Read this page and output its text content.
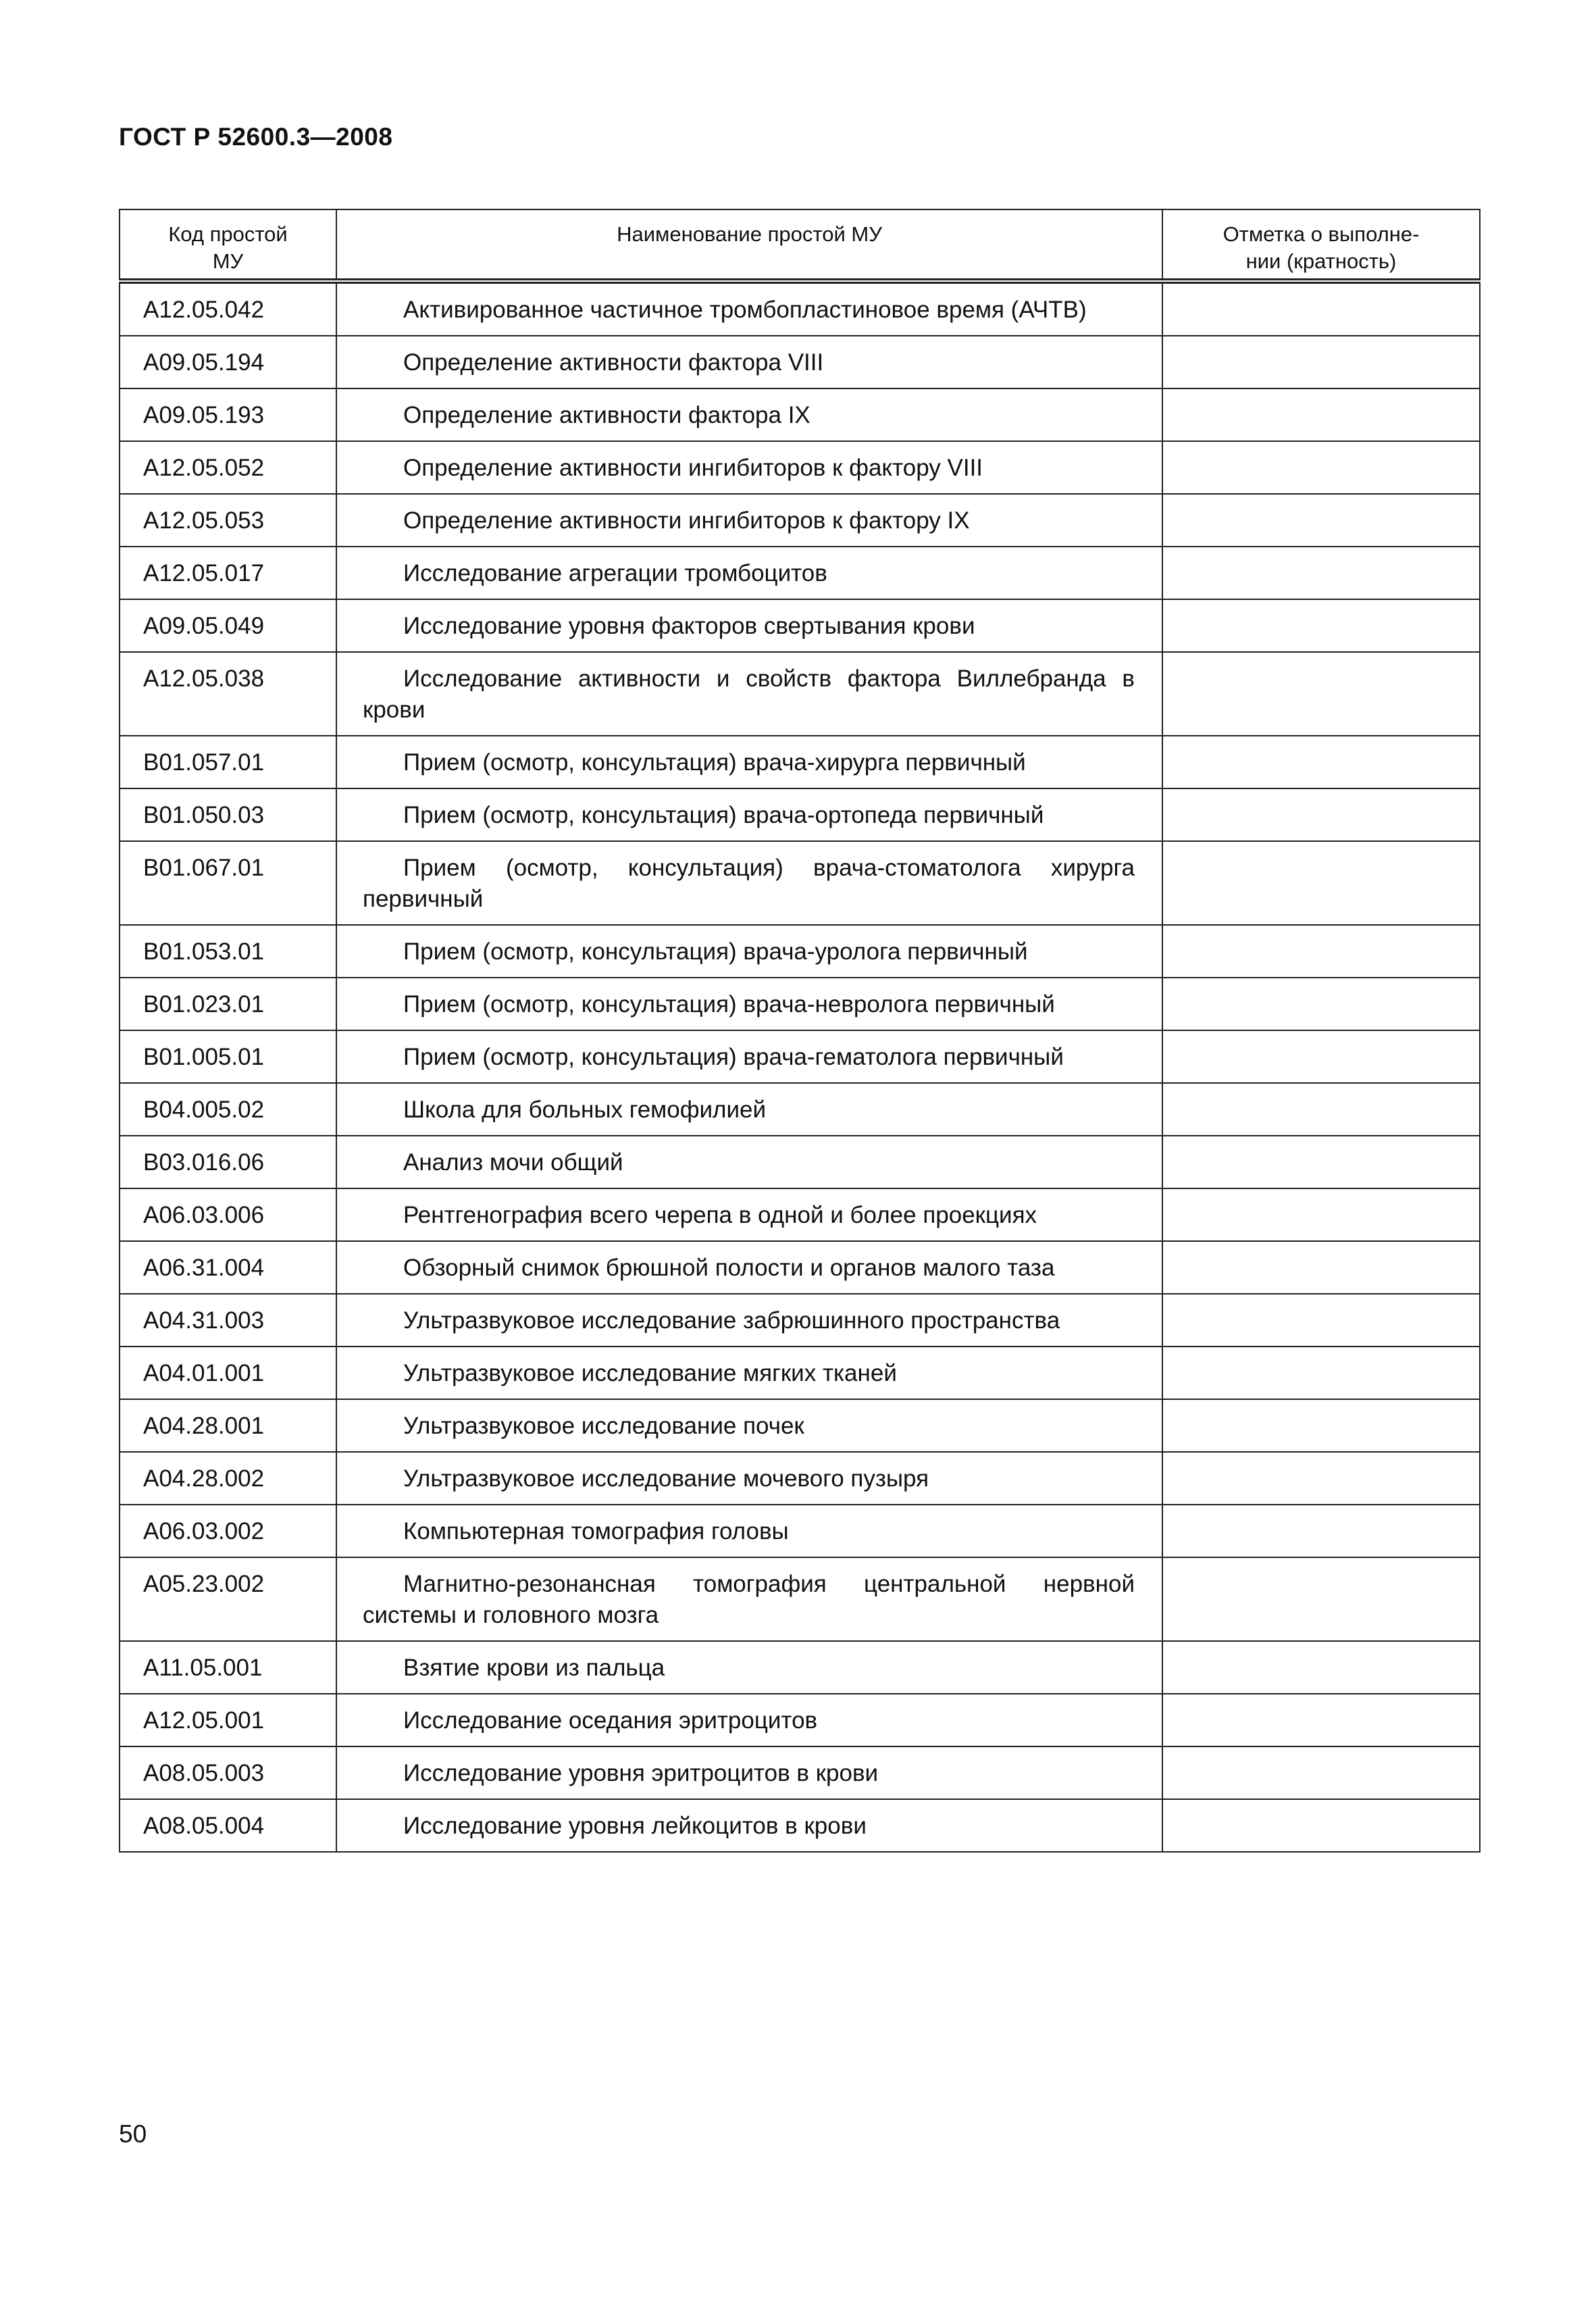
ГОСТ Р 52600.3—2008
Код простой МУ	Наименование простой МУ	Отметка о выполне-нии (кратность)

А12.05.042	Активированное частичное тромбопластиновое время (АЧТВ)	
А09.05.194	Определение активности фактора VIII	
А09.05.193	Определение активности фактора IX	
А12.05.052	Определение активности ингибиторов к фактору VIII	
А12.05.053	Определение активности ингибиторов к фактору IX	
А12.05.017	Исследование агрегации тромбоцитов	
А09.05.049	Исследование уровня факторов свертывания крови	
А12.05.038	Исследование активности и свойств фактора Виллебранда в крови	
В01.057.01	Прием (осмотр, консультация) врача-хирурга первичный	
В01.050.03	Прием (осмотр, консультация) врача-ортопеда первичный	
В01.067.01	Прием (осмотр, консультация) врача-стоматолога хирурга первичный	
В01.053.01	Прием (осмотр, консультация) врача-уролога первичный	
В01.023.01	Прием (осмотр, консультация) врача-невролога первичный	
В01.005.01	Прием (осмотр, консультация) врача-гематолога первичный	
В04.005.02	Школа для больных гемофилией	
В03.016.06	Анализ мочи общий	
А06.03.006	Рентгенография всего черепа в одной и более проекциях	
А06.31.004	Обзорный снимок брюшной полости и органов малого таза	
А04.31.003	Ультразвуковое исследование забрюшинного пространства	
А04.01.001	Ультразвуковое исследование мягких тканей	
А04.28.001	Ультразвуковое исследование почек	
А04.28.002	Ультразвуковое исследование мочевого пузыря	
А06.03.002	Компьютерная томография головы	
А05.23.002	Магнитно-резонансная томография центральной нервной системы и головного мозга	
А11.05.001	Взятие крови из пальца	
А12.05.001	Исследование оседания эритроцитов	
А08.05.003	Исследование уровня эритроцитов в крови	
А08.05.004	Исследование уровня лейкоцитов в крови	
50
